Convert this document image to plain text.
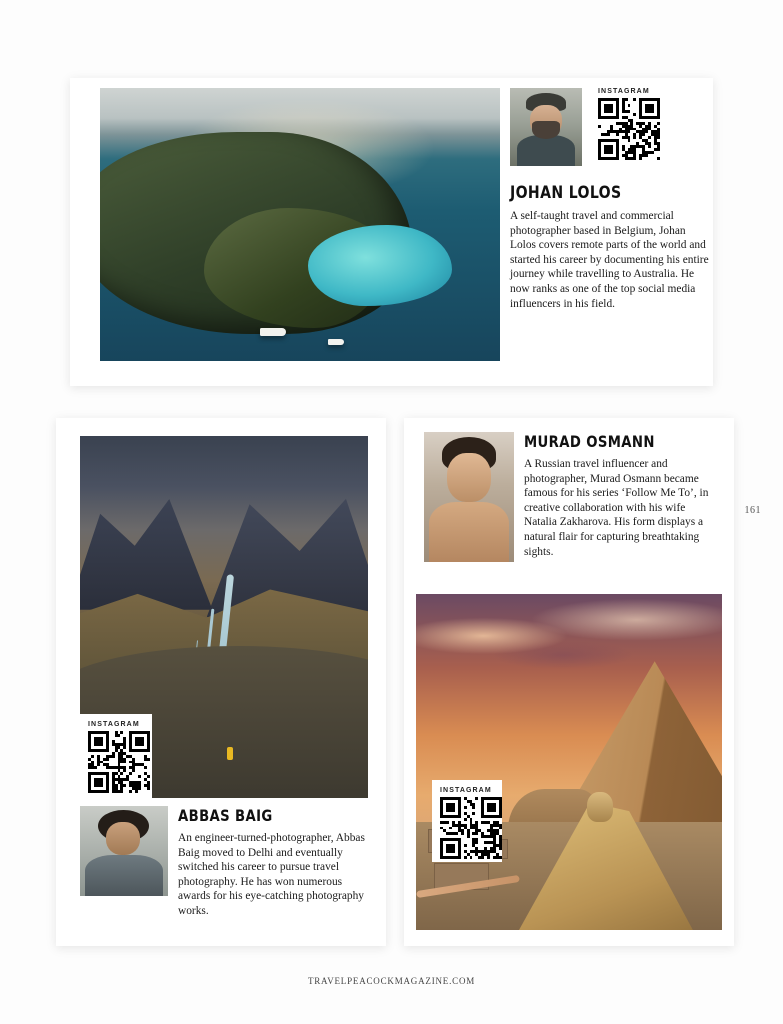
INSTAGRAM
JOHAN LOLOS

A self-taught travel and commercial photographer based in Belgium, Johan Lolos covers remote parts of the world and started his career by documenting his entire journey while travelling to Australia. He now ranks as one of the top social media influencers in his field.

INSTAGRAM
ABBAS BAIG

An engineer-turned-photographer, Abbas Baig moved to Delhi and eventually switched his career to pursue travel photography. He has won numerous awards for his eye-catching photography works.

MURAD OSMANN

A Russian travel influencer and photographer, Murad Osmann became famous for his series ‘Follow Me To’, in creative collaboration with his wife Natalia Zakharova. His form displays a natural flair for capturing breathtaking sights.

INSTAGRAM
161
TRAVELPEACOCKMAGAZINE.COM
